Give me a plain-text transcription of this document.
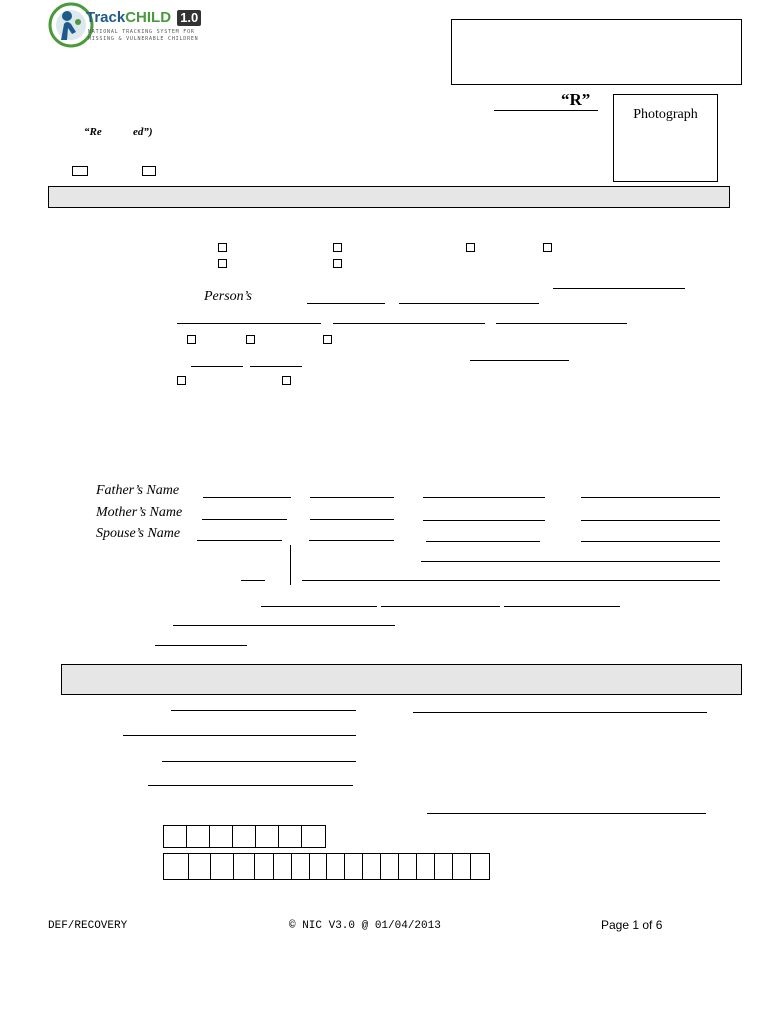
TrackCHILD 1.0
NATIONAL TRACKING SYSTEM FOR
MISSING & VULNERABLE CHILDREN
“R”
Photograph
“Re	ed”)
Person’s
Father’s Name
Mother’s Name
Spouse’s Name
DEF/RECOVERY	© NIC V3.0 @ 01/04/2013	Page 1 of 6
